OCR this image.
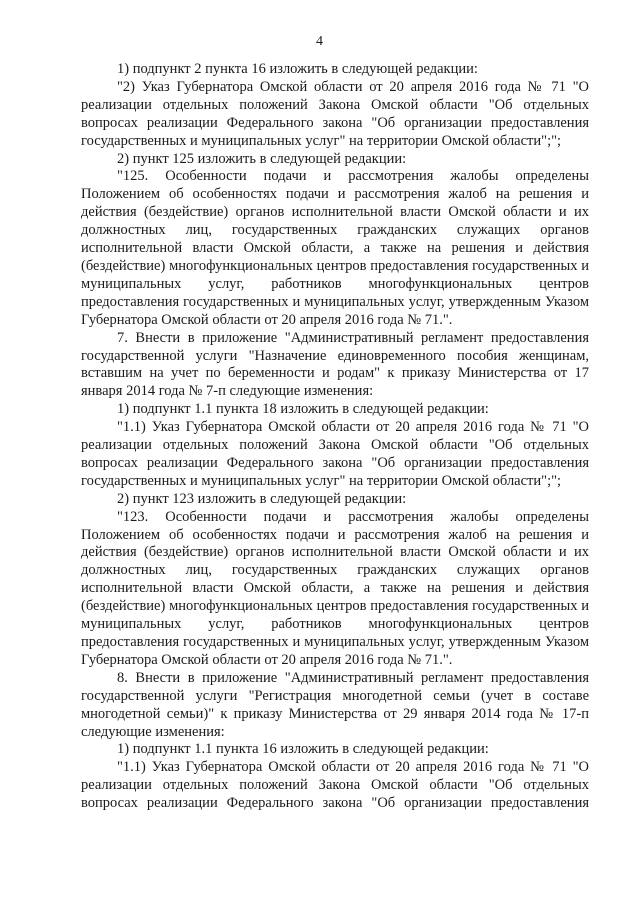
4

1) подпункт 2 пункта 16 изложить в следующей редакции:

"2) Указ Губернатора Омской области от 20 апреля 2016 года № 71 "О реализации отдельных положений Закона Омской области "Об отдельных вопросах реализации Федерального закона "Об организации предоставления государственных и муниципальных услуг" на территории Омской области";";

2) пункт 125 изложить в следующей редакции:

"125. Особенности подачи и рассмотрения жалобы определены Положением об особенностях подачи и рассмотрения жалоб на решения и действия (бездействие) органов исполнительной власти Омской области и их должностных лиц, государственных гражданских служащих органов исполнительной власти Омской области, а также на решения и действия (бездействие) многофункциональных центров предоставления государственных и муниципальных услуг, работников многофункциональных центров предоставления государственных и муниципальных услуг, утвержденным Указом Губернатора Омской области от 20 апреля 2016 года № 71.".

7. Внести в приложение "Административный регламент предоставления государственной услуги "Назначение единовременного пособия женщинам, вставшим на учет по беременности и родам" к приказу Министерства от 17 января 2014 года № 7-п следующие изменения:

1) подпункт 1.1 пункта 18 изложить в следующей редакции:

"1.1) Указ Губернатора Омской области от 20 апреля 2016 года № 71 "О реализации отдельных положений Закона Омской области "Об отдельных вопросах реализации Федерального закона "Об организации предоставления государственных и муниципальных услуг" на территории Омской области";";

2) пункт 123 изложить в следующей редакции:

"123. Особенности подачи и рассмотрения жалобы определены Положением об особенностях подачи и рассмотрения жалоб на решения и действия (бездействие) органов исполнительной власти Омской области и их должностных лиц, государственных гражданских служащих органов исполнительной власти Омской области, а также на решения и действия (бездействие) многофункциональных центров предоставления государственных и муниципальных услуг, работников многофункциональных центров предоставления государственных и муниципальных услуг, утвержденным Указом Губернатора Омской области от 20 апреля 2016 года № 71.".

8. Внести в приложение "Административный регламент предоставления государственной услуги "Регистрация многодетной семьи (учет в составе многодетной семьи)" к приказу Министерства от 29 января 2014 года № 17-п следующие изменения:

1) подпункт 1.1 пункта 16 изложить в следующей редакции:

"1.1) Указ Губернатора Омской области от 20 апреля 2016 года № 71 "О реализации отдельных положений Закона Омской области "Об отдельных вопросах реализации Федерального закона "Об организации предоставления
